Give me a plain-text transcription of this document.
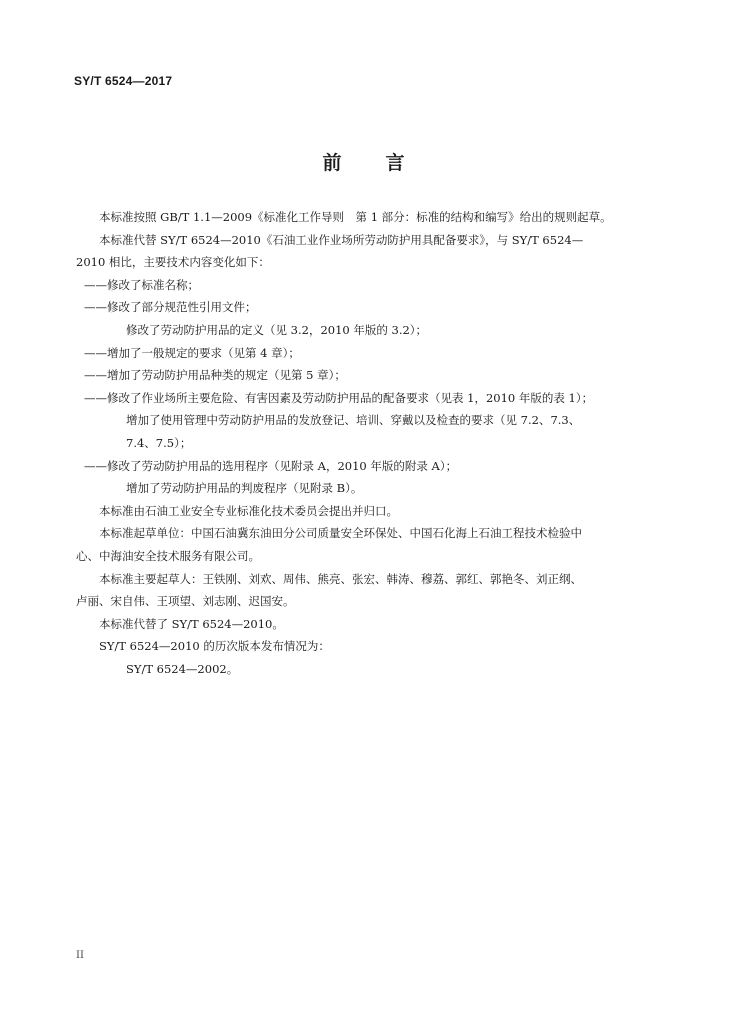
SY/T 6524—2017
前 言

本标准按照 GB/T 1.1—2009《标准化工作导则　第 1 部分：标准的结构和编写》给出的规则起草。

本标准代替 SY/T 6524—2010《石油工业作业场所劳动防护用具配备要求》，与 SY/T 6524—

2010 相比，主要技术内容变化如下：

——修改了标准名称；

——修改了部分规范性引用文件；

修改了劳动防护用品的定义（见 3.2，2010 年版的 3.2）；

——增加了一般规定的要求（见第 4 章）；

——增加了劳动防护用品种类的规定（见第 5 章）；

——修改了作业场所主要危险、有害因素及劳动防护用品的配备要求（见表 1，2010 年版的表 1）；

增加了使用管理中劳动防护用品的发放登记、培训、穿戴以及检查的要求（见 7.2、7.3、

7.4、7.5）；

——修改了劳动防护用品的选用程序（见附录 A，2010 年版的附录 A）；

增加了劳动防护用品的判废程序（见附录 B）。

本标准由石油工业安全专业标准化技术委员会提出并归口。

本标准起草单位：中国石油冀东油田分公司质量安全环保处、中国石化海上石油工程技术检验中

心、中海油安全技术服务有限公司。

本标准主要起草人：王铁刚、刘欢、周伟、熊亮、张宏、韩涛、穆荔、郭红、郭艳冬、刘正纲、

卢丽、宋自伟、王项望、刘志刚、迟国安。

本标准代替了 SY/T 6524—2010。

SY/T 6524—2010 的历次版本发布情况为：

SY/T 6524—2002。

II
